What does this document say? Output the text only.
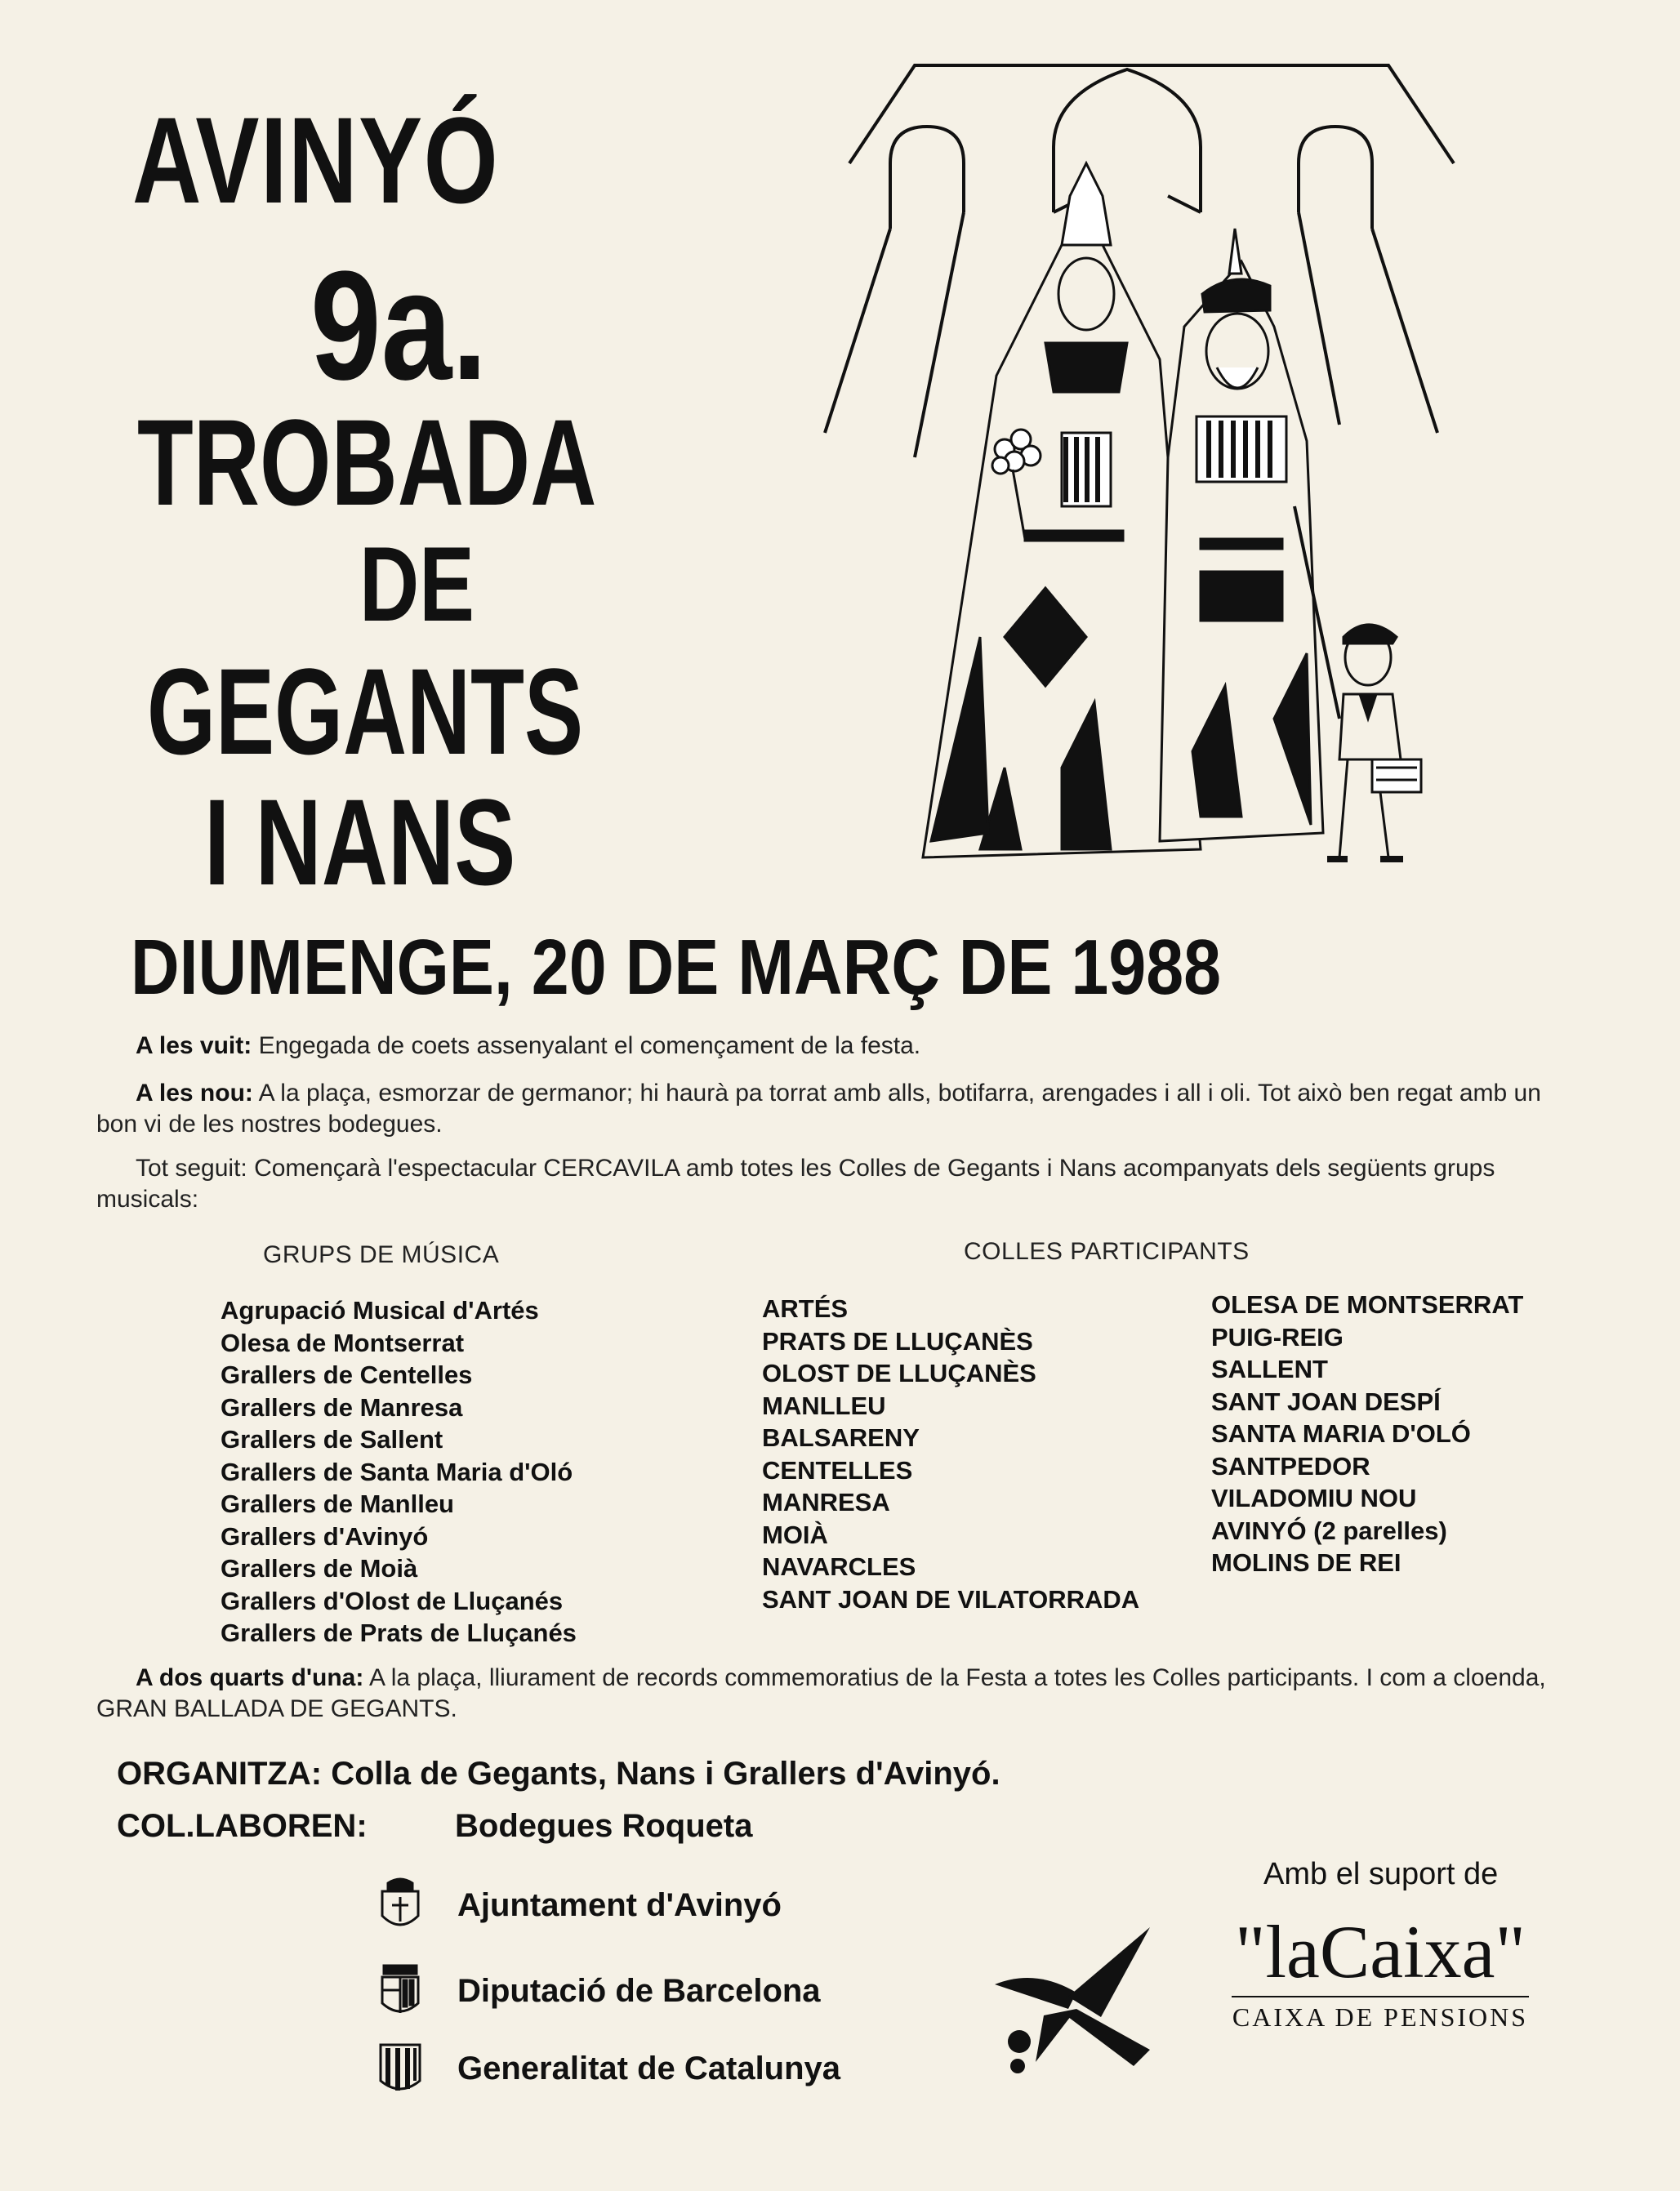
AVINYÓ
9a.
TROBADA
DE
GEGANTS
I NANS
DIUMENGE, 20 DE MARÇ DE 1988
A les vuit: Engegada de coets assenyalant el començament de la festa.
A les nou: A la plaça, esmorzar de germanor; hi haurà pa torrat amb alls, botifarra, arengades i all i oli. Tot això ben regat amb un bon vi de les nostres bodegues.
Tot seguit: Començarà l'espectacular CERCAVILA amb totes les Colles de Gegants i Nans acompanyats dels següents grups musicals:
GRUPS DE MÚSICA	COLLES PARTICIPANTS
Agrupació Musical d'Artés
Olesa de Montserrat
Grallers de Centelles
Grallers de Manresa
Grallers de Sallent
Grallers de Santa Maria d'Oló
Grallers de Manlleu
Grallers d'Avinyó
Grallers de Moià
Grallers d'Olost de Lluçanés
Grallers de Prats de Lluçanés
ARTÉS
PRATS DE LLUÇANÈS
OLOST DE LLUÇANÈS
MANLLEU
BALSARENY
CENTELLES
MANRESA
MOIÀ
NAVARCLES
SANT JOAN DE VILATORRADA
OLESA DE MONTSERRAT
PUIG-REIG
SALLENT
SANT JOAN DESPÍ
SANTA MARIA D'OLÓ
SANTPEDOR
VILADOMIU NOU
AVINYÓ (2 parelles)
MOLINS DE REI
A dos quarts d'una: A la plaça, lliurament de records commemoratius de la Festa a totes les Colles participants. I com a cloenda, GRAN BALLADA DE GEGANTS.
ORGANITZA: Colla de Gegants, Nans i Grallers d'Avinyó.
COL.LABOREN:	Bodegues Roqueta
Ajuntament d'Avinyó
Diputació de Barcelona
Generalitat de Catalunya
Amb el suport de
"laCaixa"
CAIXA DE PENSIONS
